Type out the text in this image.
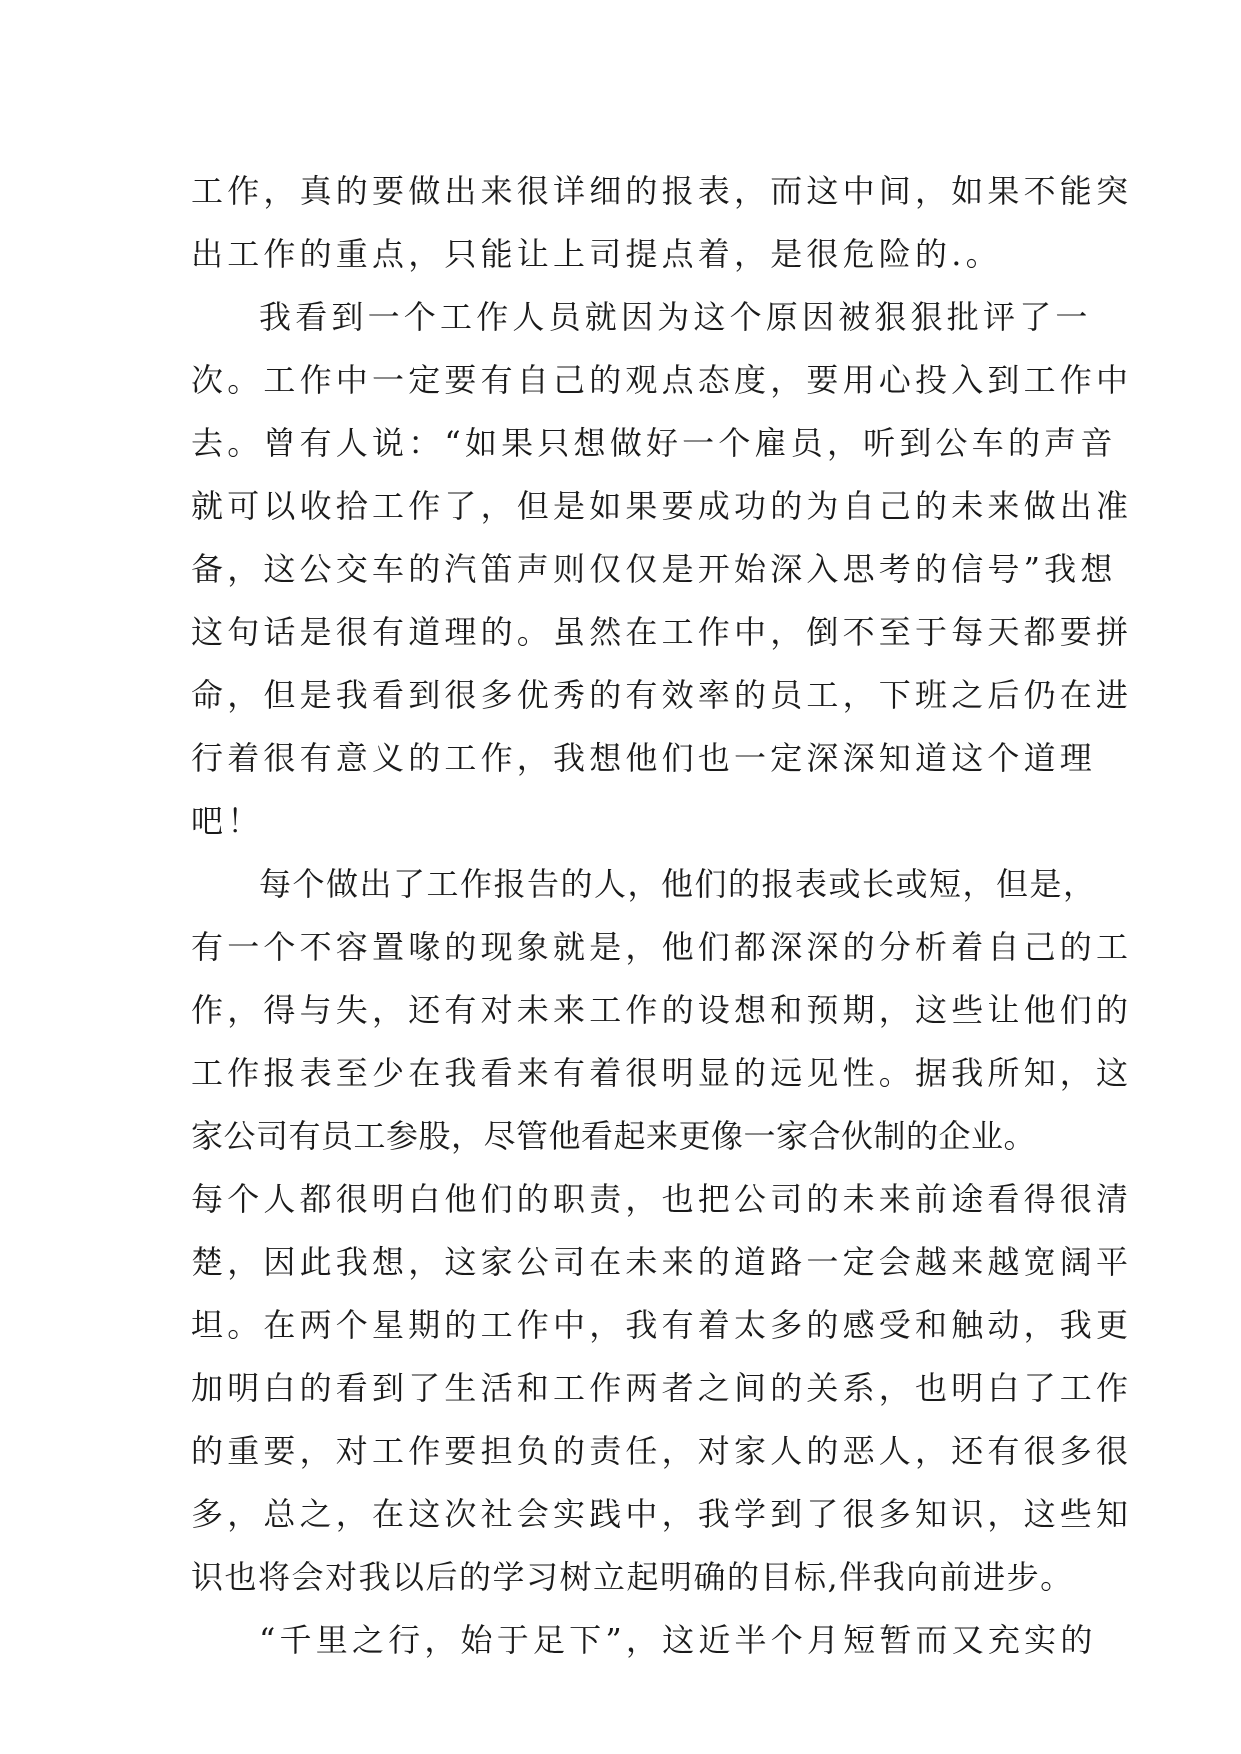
工作，真的要做出来很详细的报表，而这中间，如果不能突
出工作的重点，只能让上司提点着，是很危险的.。
我看到一个工作人员就因为这个原因被狠狠批评了一
次。工作中一定要有自己的观点态度，要用心投入到工作中
去。曾有人说：“如果只想做好一个雇员，听到公车的声音
就可以收拾工作了，但是如果要成功的为自己的未来做出准
备，这公交车的汽笛声则仅仅是开始深入思考的信号”我想
这句话是很有道理的。虽然在工作中，倒不至于每天都要拼
命，但是我看到很多优秀的有效率的员工，下班之后仍在进
行着很有意义的工作，我想他们也一定深深知道这个道理
吧！
每个做出了工作报告的人，他们的报表或长或短，但是，
有一个不容置喙的现象就是，他们都深深的分析着自己的工
作，得与失，还有对未来工作的设想和预期，这些让他们的
工作报表至少在我看来有着很明显的远见性。据我所知，这
家公司有员工参股，尽管他看起来更像一家合伙制的企业。
每个人都很明白他们的职责，也把公司的未来前途看得很清
楚，因此我想，这家公司在未来的道路一定会越来越宽阔平
坦。在两个星期的工作中，我有着太多的感受和触动，我更
加明白的看到了生活和工作两者之间的关系，也明白了工作
的重要，对工作要担负的责任，对家人的恶人，还有很多很
多，总之，在这次社会实践中，我学到了很多知识，这些知
识也将会对我以后的学习树立起明确的目标,伴我向前进步。
“千里之行，始于足下”，这近半个月短暂而又充实的
